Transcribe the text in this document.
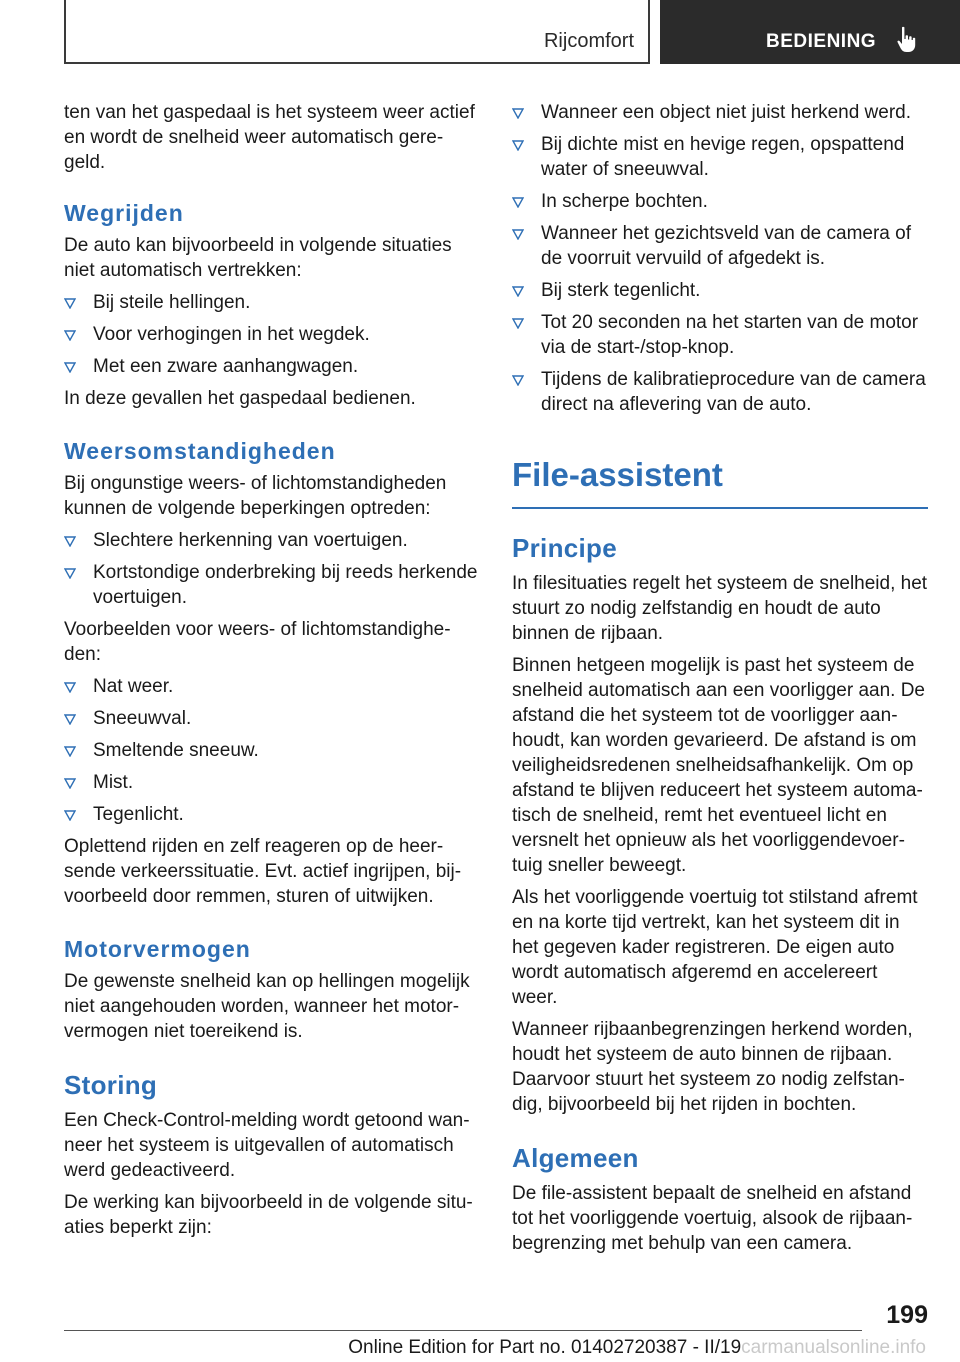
Rijcomfort	BEDIENING

ten van het gaspedaal is het systeem weer actief en wordt de snelheid weer automatisch geregeld.

Wegrijden

De auto kan bijvoorbeeld in volgende situaties niet automatisch vertrekken:

Bij steile hellingen.
Voor verhogingen in het wegdek.
Met een zware aanhangwagen.

In deze gevallen het gaspedaal bedienen.

Weersomstandigheden

Bij ongunstige weers- of lichtomstandigheden kunnen de volgende beperkingen optreden:

Slechtere herkenning van voertuigen.
Kortstondige onderbreking bij reeds herkende voertuigen.

Voorbeelden voor weers- of lichtomstandigheden:

Nat weer.
Sneeuwval.
Smeltende sneeuw.
Mist.
Tegenlicht.

Oplettend rijden en zelf reageren op de heersende verkeerssituatie. Evt. actief ingrijpen, bijvoorbeeld door remmen, sturen of uitwijken.

Motorvermogen

De gewenste snelheid kan op hellingen mogelijk niet aangehouden worden, wanneer het motorvermogen niet toereikend is.

Storing

Een Check-Control-melding wordt getoond wanneer het systeem is uitgevallen of automatisch werd gedeactiveerd.

De werking kan bijvoorbeeld in de volgende situaties beperkt zijn:

Wanneer een object niet juist herkend werd.
Bij dichte mist en hevige regen, opspattend water of sneeuwval.
In scherpe bochten.
Wanneer het gezichtsveld van de camera of de voorruit vervuild of afgedekt is.
Bij sterk tegenlicht.
Tot 20 seconden na het starten van de motor via de start-/stop-knop.
Tijdens de kalibratieprocedure van de camera direct na aflevering van de auto.
File-assistent
Principe

In filesituaties regelt het systeem de snelheid, het stuurt zo nodig zelfstandig en houdt de auto binnen de rijbaan.

Binnen hetgeen mogelijk is past het systeem de snelheid automatisch aan een voorligger aan. De afstand die het systeem tot de voorligger aanhoudt, kan worden gevarieerd. De afstand is om veiligheidsredenen snelheidsafhankelijk. Om op afstand te blijven reduceert het systeem automatisch de snelheid, remt het eventueel licht en versnelt het opnieuw als het voorliggendevoertuig sneller beweegt.

Als het voorliggende voertuig tot stilstand afremt en na korte tijd vertrekt, kan het systeem dit in het gegeven kader registreren. De eigen auto wordt automatisch afgeremd en accelereert weer.

Wanneer rijbaanbegrenzingen herkend worden, houdt het systeem de auto binnen de rijbaan. Daarvoor stuurt het systeem zo nodig zelfstandig, bijvoorbeeld bij het rijden in bochten.

Algemeen

De file-assistent bepaalt de snelheid en afstand tot het voorliggende voertuig, alsook de rijbaanbegrenzing met behulp van een camera.

199
Online Edition for Part no. 01402720387 - II/19carmanualsonline.info
